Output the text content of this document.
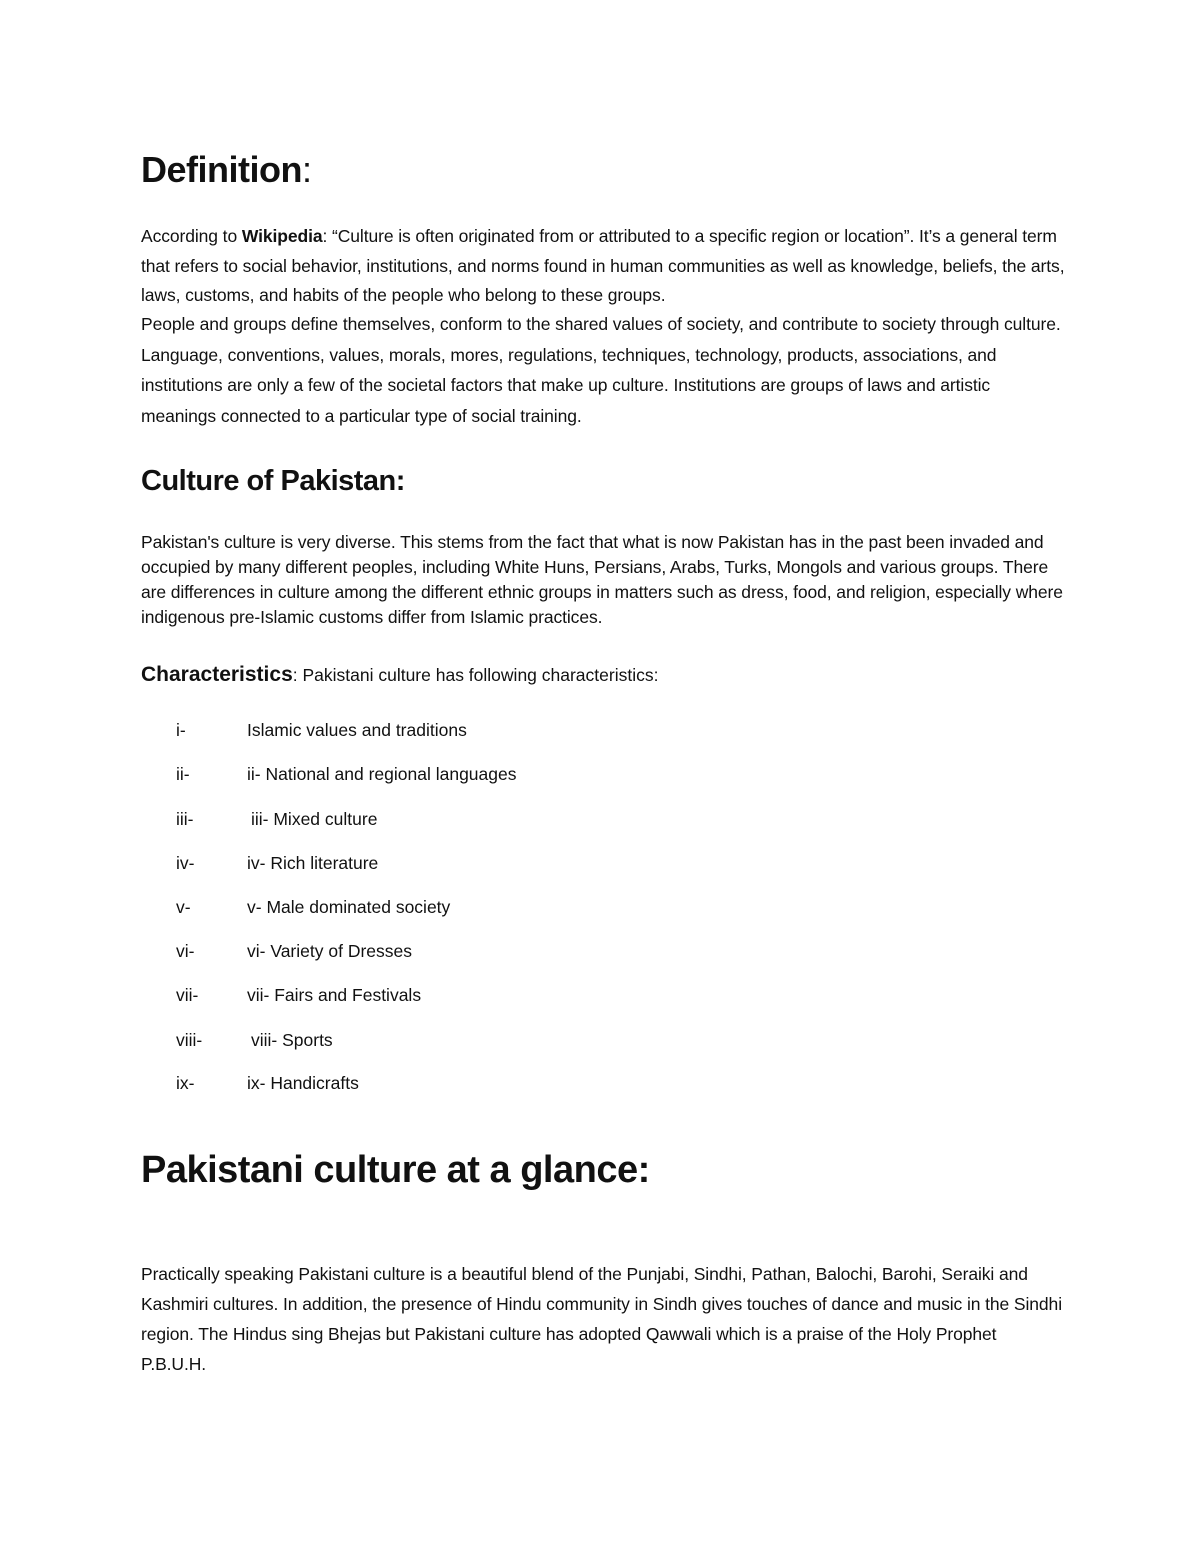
Definition:

According to Wikipedia: “Culture is often originated from or attributed to a specific region or location”. It’s a general term that refers to social behavior, institutions, and norms found in human communities as well as knowledge, beliefs, the arts, laws, customs, and habits of the people who belong to these groups.

People and groups define themselves, conform to the shared values of society, and contribute to society through culture. Language, conventions, values, morals, mores, regulations, techniques, technology, products, associations, and institutions are only a few of the societal factors that make up culture. Institutions are groups of laws and artistic meanings connected to a particular type of social training.

Culture of Pakistan:

Pakistan's culture is very diverse. This stems from the fact that what is now Pakistan has in the past been invaded and occupied by many different peoples, including White Huns, Persians, Arabs, Turks, Mongols and various groups. There are differences in culture among the different ethnic groups in matters such as dress, food, and religion, especially where indigenous pre-Islamic customs differ from Islamic practices.

Characteristics: Pakistani culture has following characteristics:

i-	Islamic values and traditions
ii-	ii- National and regional languages
iii-	iii- Mixed culture
iv-	iv- Rich literature
v-	v- Male dominated society
vi-	vi- Variety of Dresses
vii-	vii- Fairs and Festivals
viii-	viii- Sports
ix-	ix- Handicrafts
Pakistani culture at a glance:

Practically speaking Pakistani culture is a beautiful blend of the Punjabi, Sindhi, Pathan, Balochi, Barohi, Seraiki and Kashmiri cultures. In addition, the presence of Hindu community in Sindh gives touches of dance and music in the Sindhi region. The Hindus sing Bhejas but Pakistani culture has adopted Qawwali which is a praise of the Holy Prophet P.B.U.H.
